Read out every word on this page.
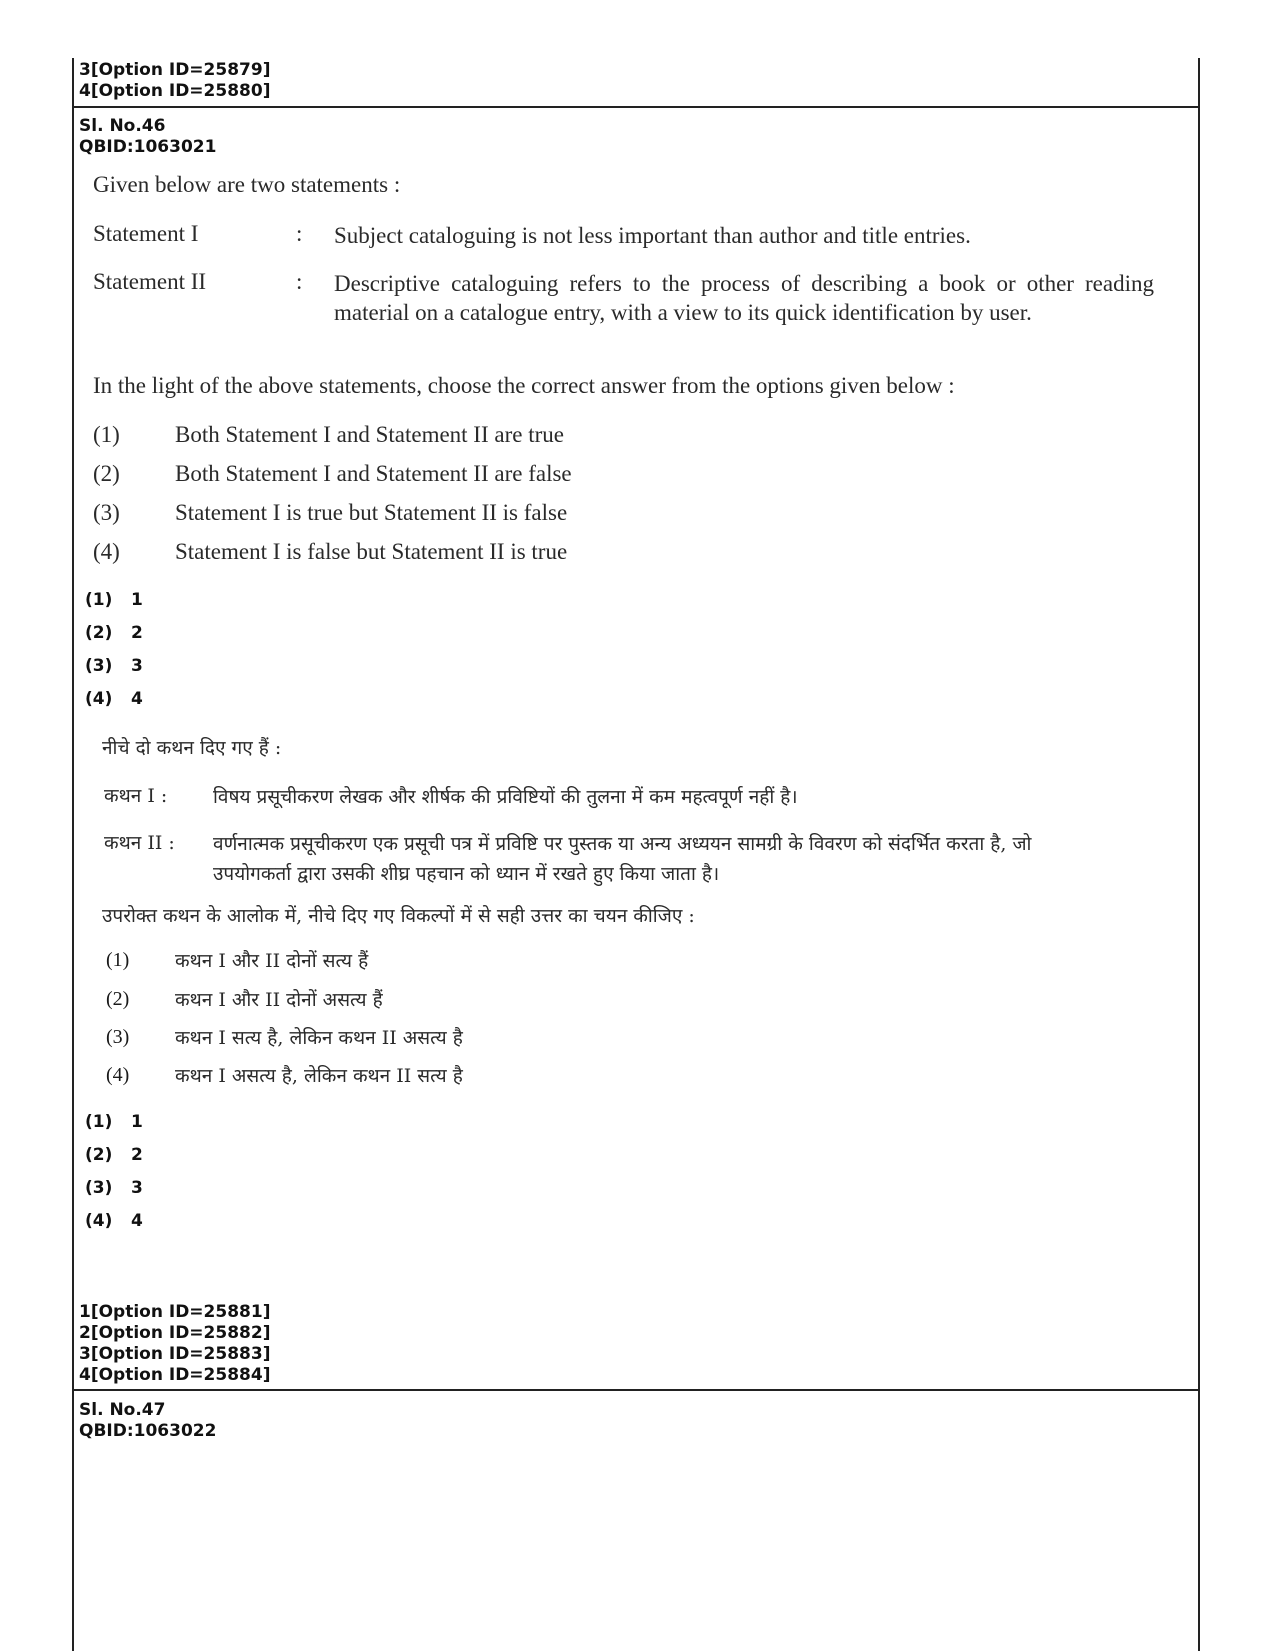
3[Option ID=25879]
4[Option ID=25880]
Sl. No.46
QBID:1063021
Given below are two statements :
Statement I	: Subject cataloguing is not less important than author and title entries.
Statement II	: Descriptive cataloguing refers to the process of describing a book or other reading material on a catalogue entry, with a view to its quick identification by user.
In the light of the above statements, choose the correct answer from the options given below :
(1) Both Statement I and Statement II are true
(2) Both Statement I and Statement II are false
(3) Statement I is true but Statement II is false
(4) Statement I is false but Statement II is true
(1) 1
(2) 2
(3) 3
(4) 4
नीचे दो कथन दिए गए हैं :
कथन I : विषय प्रसूचीकरण लेखक और शीर्षक की प्रविष्टियों की तुलना में कम महत्वपूर्ण नहीं है।
कथन II : वर्णनात्मक प्रसूचीकरण एक प्रसूची पत्र में प्रविष्टि पर पुस्तक या अन्य अध्ययन सामग्री के विवरण को संदर्भित करता है, जो उपयोगकर्ता द्वारा उसकी शीघ्र पहचान को ध्यान में रखते हुए किया जाता है।
उपरोक्त कथन के आलोक में, नीचे दिए गए विकल्पों में से सही उत्तर का चयन कीजिए :
(1) कथन I और II दोनों सत्य हैं
(2) कथन I और II दोनों असत्य हैं
(3) कथन I सत्य है, लेकिन कथन II असत्य है
(4) कथन I असत्य है, लेकिन कथन II सत्य है
(1) 1
(2) 2
(3) 3
(4) 4
1[Option ID=25881]
2[Option ID=25882]
3[Option ID=25883]
4[Option ID=25884]
Sl. No.47
QBID:1063022
